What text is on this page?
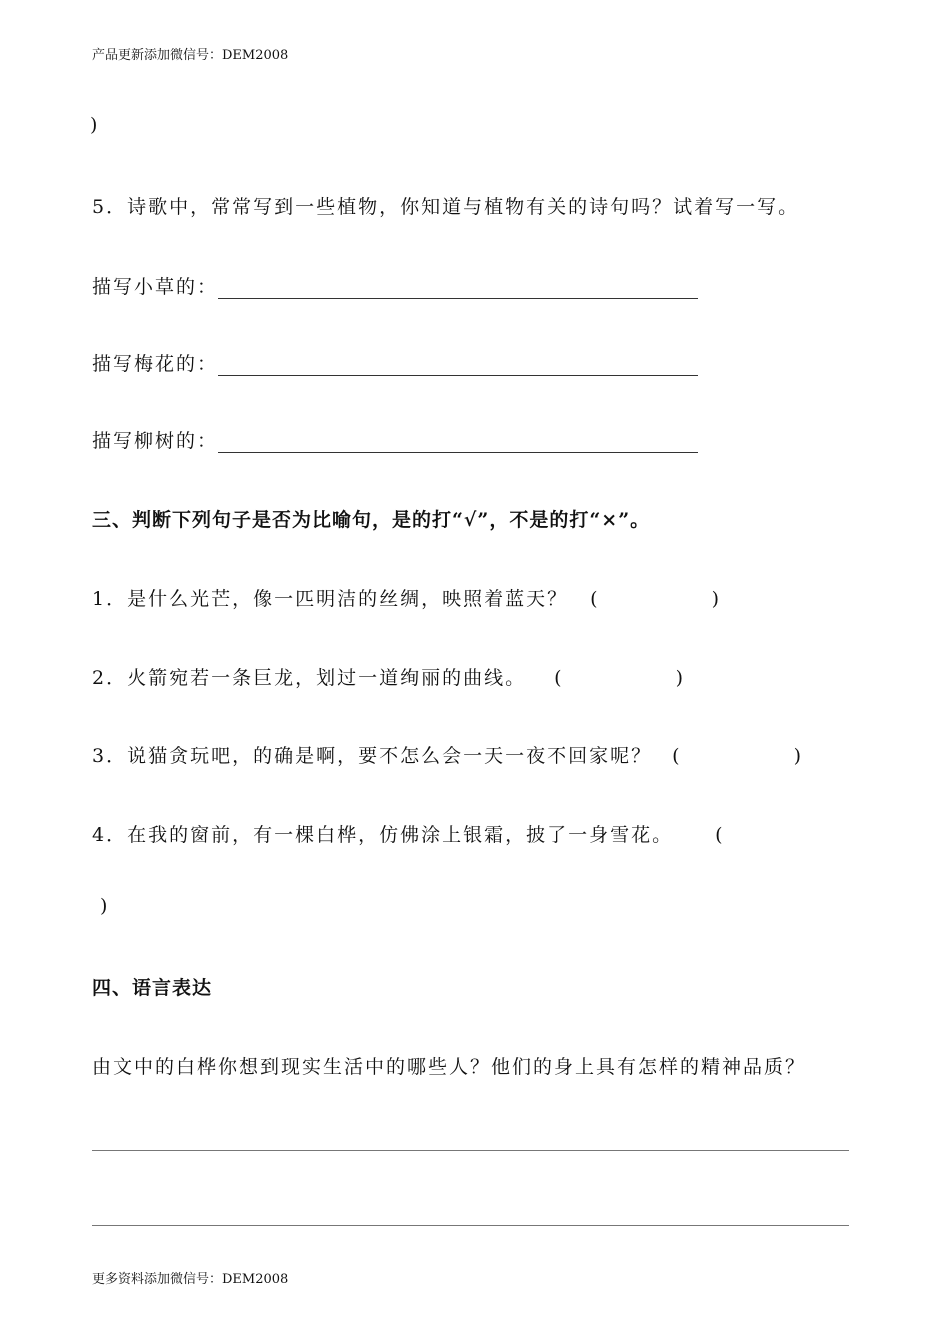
产品更新添加微信号：DEM2008
)
5．诗歌中，常常写到一些植物，你知道与植物有关的诗句吗？试着写一写。
描写小草的：
描写梅花的：
描写柳树的：
三、判断下列句子是否为比喻句，是的打“√”，不是的打“×”。
1．是什么光芒，像一匹明洁的丝绸，映照着蓝天？ (	)
2．火箭宛若一条巨龙，划过一道绚丽的曲线。 (	)
3．说猫贪玩吧，的确是啊，要不怎么会一天一夜不回家呢？ (	)
4．在我的窗前，有一棵白桦，仿佛涂上银霜，披了一身雪花。 (
)
四、语言表达
由文中的白桦你想到现实生活中的哪些人？他们的身上具有怎样的精神品质？
更多资料添加微信号：DEM2008
